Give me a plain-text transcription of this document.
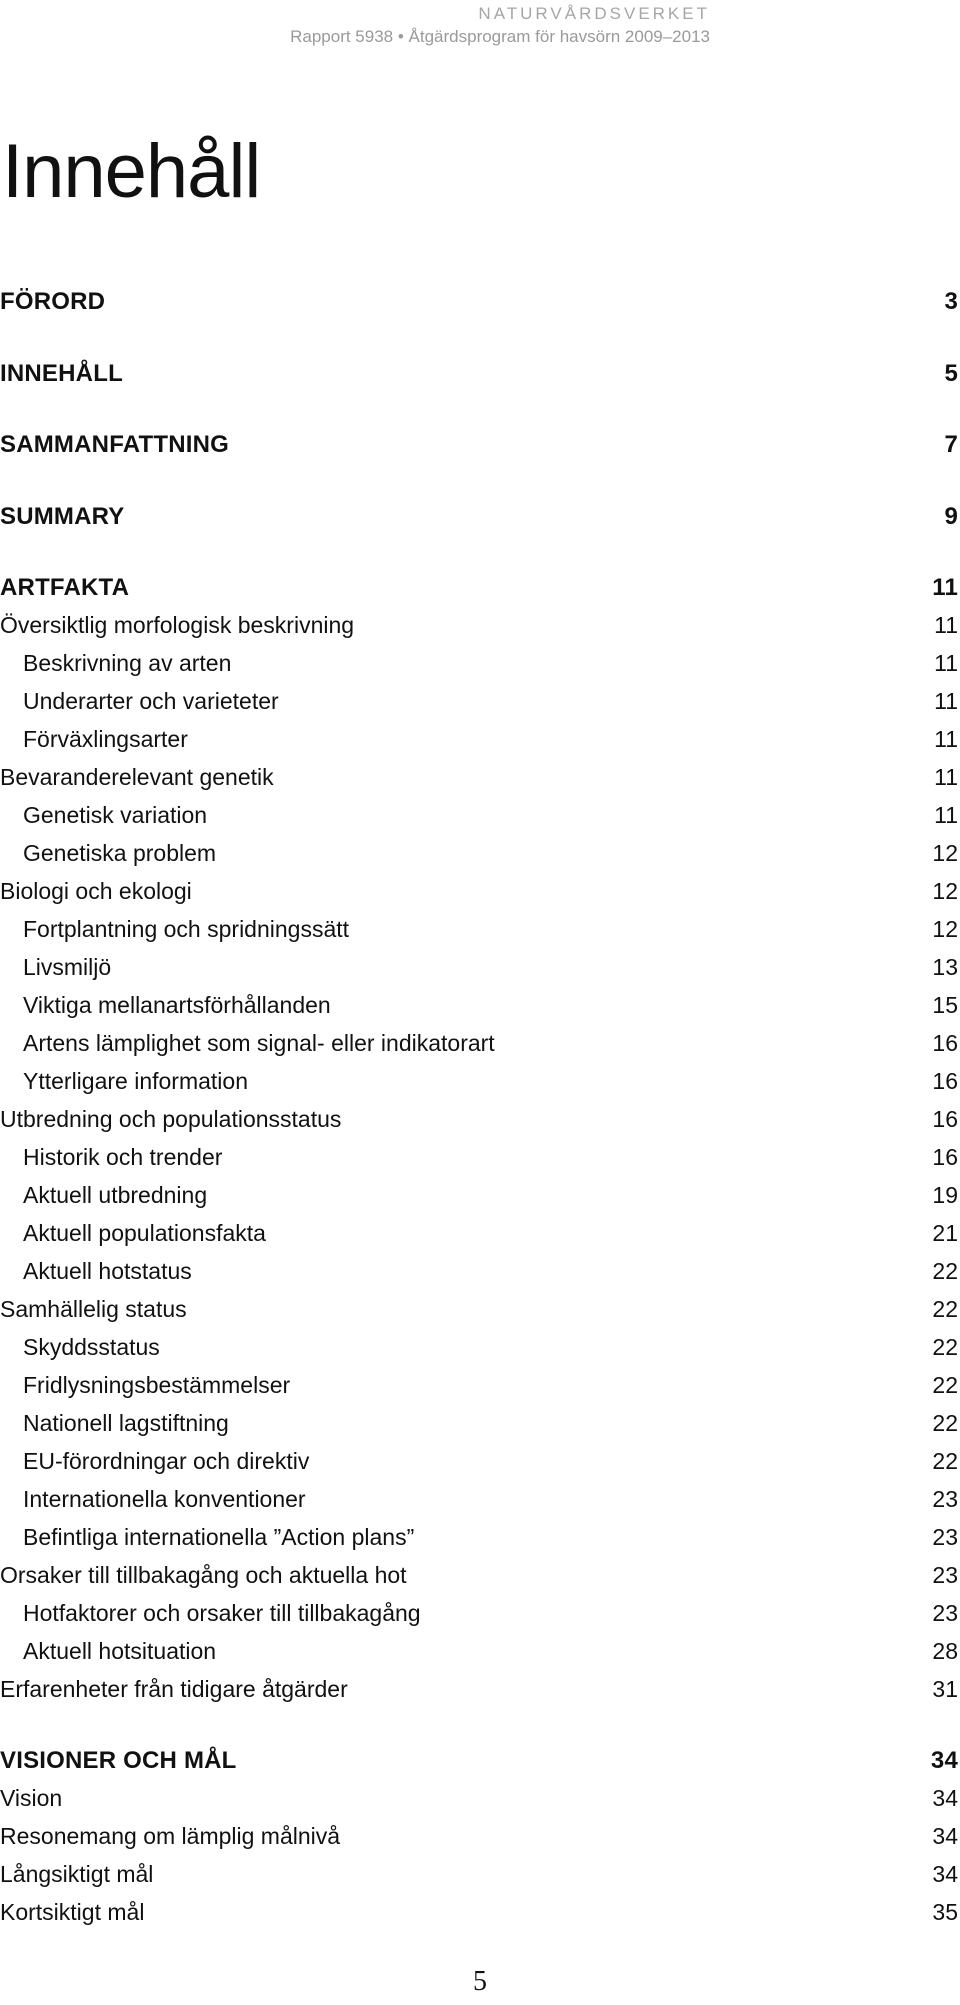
NATURVÅRDSVERKET
Rapport 5938 • Åtgärdsprogram för havsörn 2009–2013
Innehåll
FÖRORD	3
INNEHÅLL	5
SAMMANFATTNING	7
SUMMARY	9
ARTFAKTA	11
Översiktlig morfologisk beskrivning	11
Beskrivning av arten	11
Underarter och varieteter	11
Förväxlingsarter	11
Bevaranderelevant genetik	11
Genetisk variation	11
Genetiska problem	12
Biologi och ekologi	12
Fortplantning och spridningssätt	12
Livsmiljö	13
Viktiga mellanartsförhållanden	15
Artens lämplighet som signal- eller indikatorart	16
Ytterligare information	16
Utbredning och populationsstatus	16
Historik och trender	16
Aktuell utbredning	19
Aktuell populationsfakta	21
Aktuell hotstatus	22
Samhällelig status	22
Skyddsstatus	22
Fridlysningsbestämmelser	22
Nationell lagstiftning	22
EU-förordningar och direktiv	22
Internationella konventioner	23
Befintliga internationella ”Action plans”	23
Orsaker till tillbakagång och aktuella hot	23
Hotfaktorer och orsaker till tillbakagång	23
Aktuell hotsituation	28
Erfarenheter från tidigare åtgärder	31
VISIONER OCH MÅL	34
Vision	34
Resonemang om lämplig målnivå	34
Långsiktigt mål	34
Kortsiktigt mål	35
5
